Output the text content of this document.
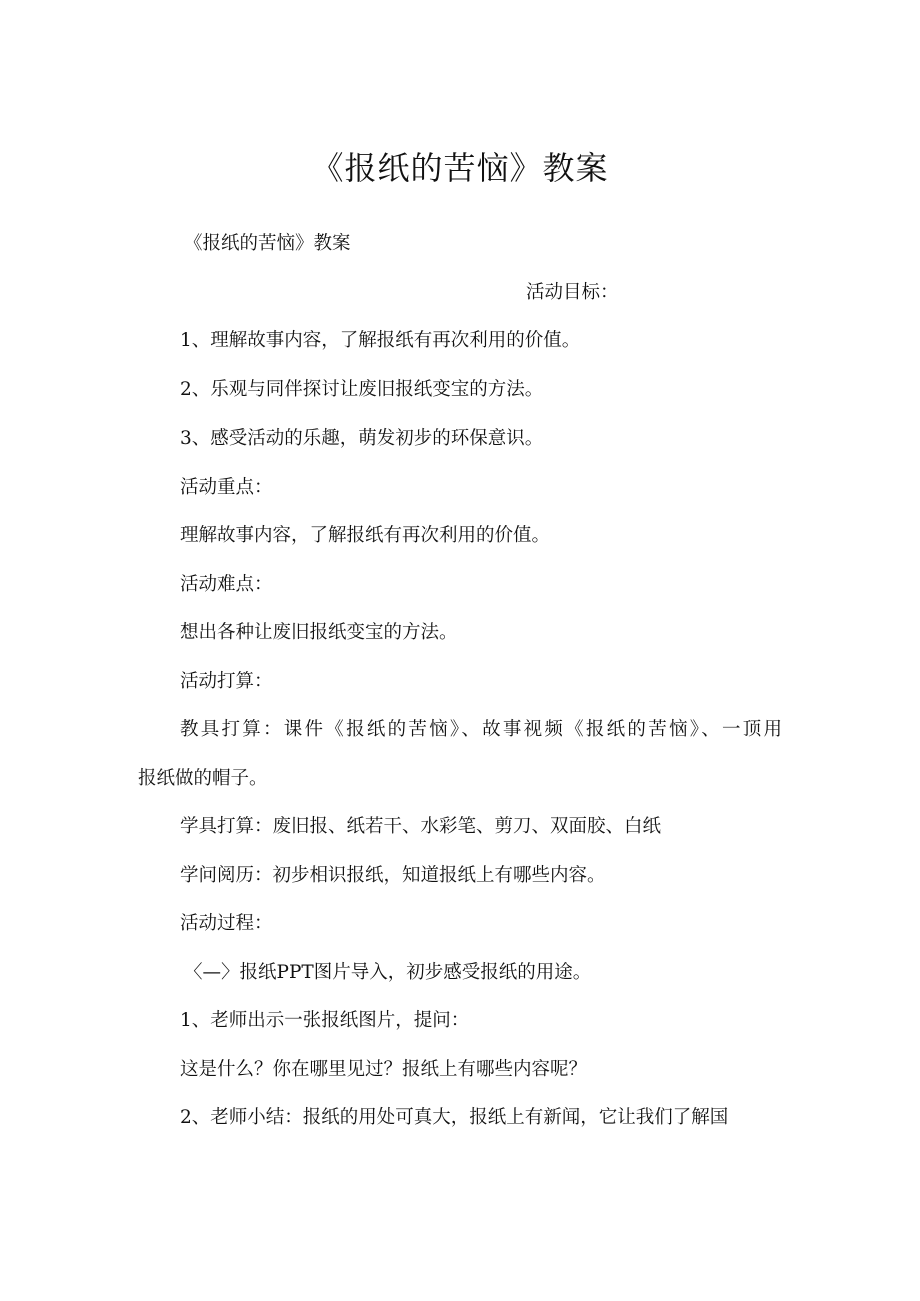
《报纸的苦恼》教案
《报纸的苦恼》教案
活动目标：
1、理解故事内容，了解报纸有再次利用的价值。
2、乐观与同伴探讨让废旧报纸变宝的方法。
3、感受活动的乐趣，萌发初步的环保意识。
活动重点：
理解故事内容，了解报纸有再次利用的价值。
活动难点：
想出各种让废旧报纸变宝的方法。
活动打算：
教具打算：课件《报纸的苦恼》、故事视频《报纸的苦恼》、一顶用
报纸做的帽子。
学具打算：废旧报、纸若干、水彩笔、剪刀、双面胶、白纸
学问阅历：初步相识报纸，知道报纸上有哪些内容。
活动过程：
〈—〉报纸PPT图片导入，初步感受报纸的用途。
1、老师出示一张报纸图片，提问：
这是什么？你在哪里见过？报纸上有哪些内容呢？
2、老师小结：报纸的用处可真大，报纸上有新闻，它让我们了解国
